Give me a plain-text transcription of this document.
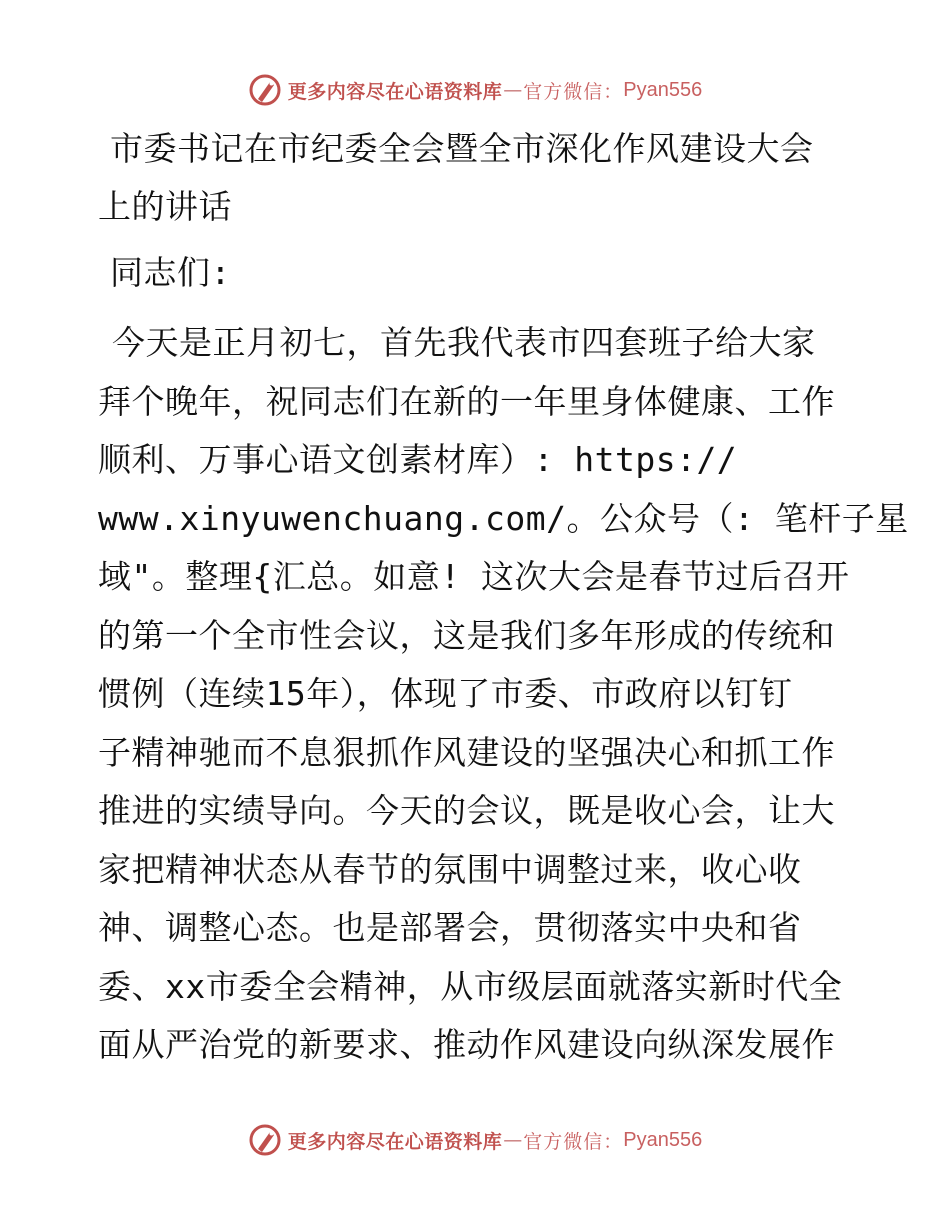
更多内容尽在心语资料库 — 官方微信： Pyan556
市委书记在市纪委全会暨全市深化作风建设大会
上的讲话

同志们:

今天是正月初七，首先我代表市四套班子给大家
拜个晚年，祝同志们在新的一年里身体健康、工作
顺利、万事心语文创素材库）: https://
www.xinyuwenchuang.com/。公众号（: 笔杆子星
域"。整理{汇总。如意! 这次大会是春节过后召开
的第一个全市性会议，这是我们多年形成的传统和
惯例（连续15年），体现了市委、市政府以钉钉
子精神驰而不息狠抓作风建设的坚强决心和抓工作
推进的实绩导向。今天的会议，既是收心会，让大
家把精神状态从春节的氛围中调整过来，收心收
神、调整心态。也是部署会，贯彻落实中央和省
委、xx市委全会精神，从市级层面就落实新时代全
面从严治党的新要求、推动作风建设向纵深发展作

更多内容尽在心语资料库 — 官方微信： Pyan556
